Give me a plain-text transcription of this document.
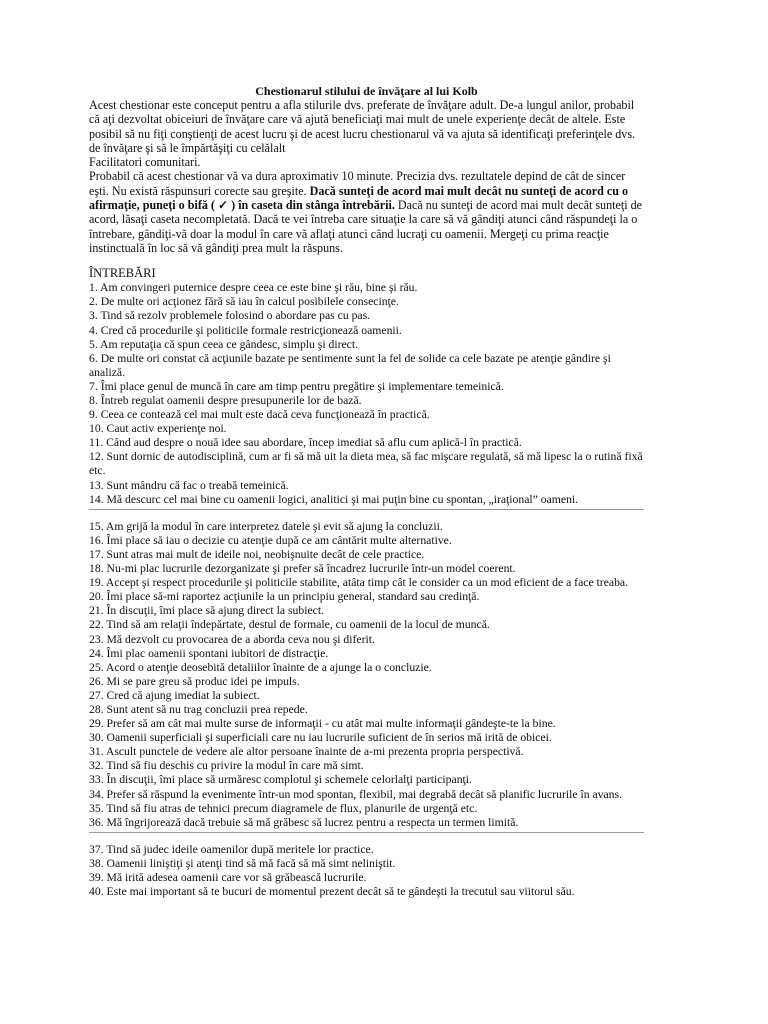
Chestionarul stilului de învăţare al lui Kolb

Acest chestionar este conceput pentru a afla stilurile dvs. preferate de învăţare adult. De-a lungul anilor, probabil că aţi dezvoltat obiceiuri de învăţare care vă ajută beneficiaţi mai mult de unele experienţe decât de altele. Este posibil să nu fiţi conştienţi de acest lucru şi de acest lucru chestionarul vă va ajuta să identificaţi preferinţele dvs. de învăţare şi să le împărtăşiţi cu celălalt

Facilitatori comunitari.

Probabil că acest chestionar vă va dura aproximativ 10 minute. Precizia dvs. rezultatele depind de cât de sincer eşti. Nu există răspunsuri corecte sau greşite. Dacă sunteţi de acord mai mult decât nu sunteţi de acord cu o afirmaţie, puneţi o bifă ( ✓ ) în caseta din stânga întrebării. Dacă nu sunteţi de acord mai mult decât sunteţi de acord, lăsaţi caseta necompletată. Dacă te vei întreba care situaţie la care să vă gândiţi atunci când răspundeţi la o întrebare, gândiţi-vă doar la modul în care vă aflaţi atunci când lucraţi cu oamenii. Mergeţi cu prima reacţie instinctuală în loc să vă gândiţi prea mult la răspuns.

ÎNTREBĂRI

1. Am convingeri puternice despre ceea ce este bine şi rău, bine şi rău.
2. De multe ori acţionez fără să iau în calcul posibilele consecinţe.
3. Tind să rezolv problemele folosind o abordare pas cu pas.
4. Cred că procedurile şi politicile formale restricţionează oamenii.
5. Am reputaţia că spun ceea ce gândesc, simplu şi direct.
6. De multe ori constat că acţiunile bazate pe sentimente sunt la fel de solide ca cele bazate pe atenţie gândire şi analiză.
7. Îmi place genul de muncă în care am timp pentru pregătire şi implementare temeinică.
8. Întreb regulat oamenii despre presupunerile lor de bază.
9. Ceea ce contează cel mai mult este dacă ceva funcţionează în practică.
10. Caut activ experienţe noi.
11. Când aud despre o nouă idee sau abordare, încep imediat să aflu cum aplică-l în practică.
12. Sunt dornic de autodisciplină, cum ar fi să mă uit la dieta mea, să fac mişcare regulată, să mă lipesc la o rutină fixă etc.
13. Sunt mândru că fac o treabă temeinică.
14. Mă descurc cel mai bine cu oamenii logici, analitici şi mai puţin bine cu spontan, „iraţional” oameni.
15. Am grijă la modul în care interpretez datele şi evit să ajung la concluzii.
16. Îmi place să iau o decizie cu atenţie după ce am cântărit multe alternative.
17. Sunt atras mai mult de ideile noi, neobişnuite decât de cele practice.
18. Nu-mi plac lucrurile dezorganizate şi prefer să încadrez lucrurile într-un model coerent.
19. Accept şi respect procedurile şi politicile stabilite, atâta timp cât le consider ca un mod eficient de a face treaba.
20. Îmi place să-mi raportez acţiunile la un principiu general, standard sau credinţă.
21. În discuţii, îmi place să ajung direct la subiect.
22. Tind să am relaţii îndepărtate, destul de formale, cu oamenii de la locul de muncă.
23. Mă dezvolt cu provocarea de a aborda ceva nou şi diferit.
24. Îmi plac oamenii spontani iubitori de distracţie.
25. Acord o atenţie deosebită detaliilor înainte de a ajunge la o concluzie.
26. Mi se pare greu să produc idei pe impuls.
27. Cred că ajung imediat la subiect.
28. Sunt atent să nu trag concluzii prea repede.
29. Prefer să am cât mai multe surse de informaţii - cu atât mai multe informaţii gândeşte-te la bine.
30. Oamenii superficiali şi superficiali care nu iau lucrurile suficient de în serios mă irită de obicei.
31. Ascult punctele de vedere ale altor persoane înainte de a-mi prezenta propria perspectivă.
32. Tind să fiu deschis cu privire la modul în care mă simt.
33. În discuţii, îmi place să urmăresc complotul şi schemele celorlalţi participanţi.
34. Prefer să răspund la evenimente într-un mod spontan, flexibil, mai degrabă decât să planific lucrurile în avans.
35. Tind să fiu atras de tehnici precum diagramele de flux, planurile de urgenţă etc.
36. Mă îngrijorează dacă trebuie să mă grăbesc să lucrez pentru a respecta un termen limită.
37. Tind să judec ideile oamenilor după meritele lor practice.
38. Oamenii liniştiţi şi atenţi tind să mă facă să mă simt neliniştit.
39. Mă irită adesea oamenii care vor să grăbească lucrurile.
40. Este mai important să te bucuri de momentul prezent decât să te gândeşti la trecutul sau viitorul său.
